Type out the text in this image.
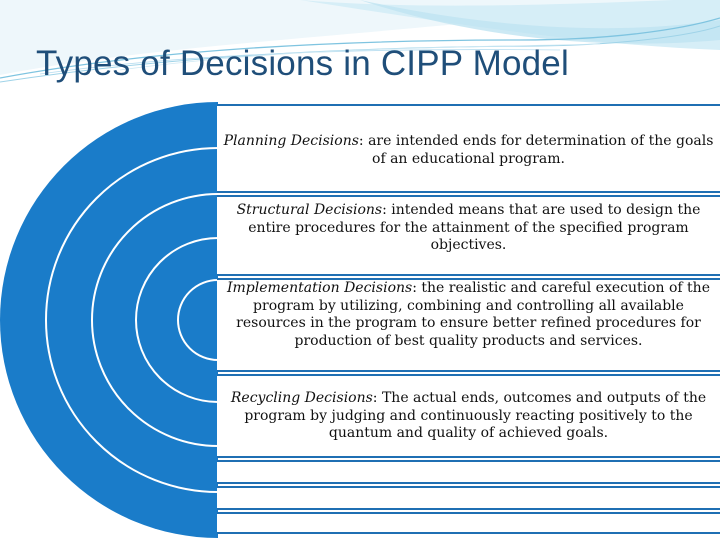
Types of Decisions in CIPP Model
Planning Decisions: are intended ends for determination of the goals of an educational program.
Structural Decisions: intended means that are used to design the entire procedures for the attainment of the specified program objectives.
Implementation Decisions: the realistic and careful execution of the program by utilizing, combining and controlling all available resources in the program to ensure better refined procedures for production of best quality products and services.
Recycling Decisions: The actual ends, outcomes and outputs of the program by judging and continuously reacting positively to the quantum and quality of achieved goals.
